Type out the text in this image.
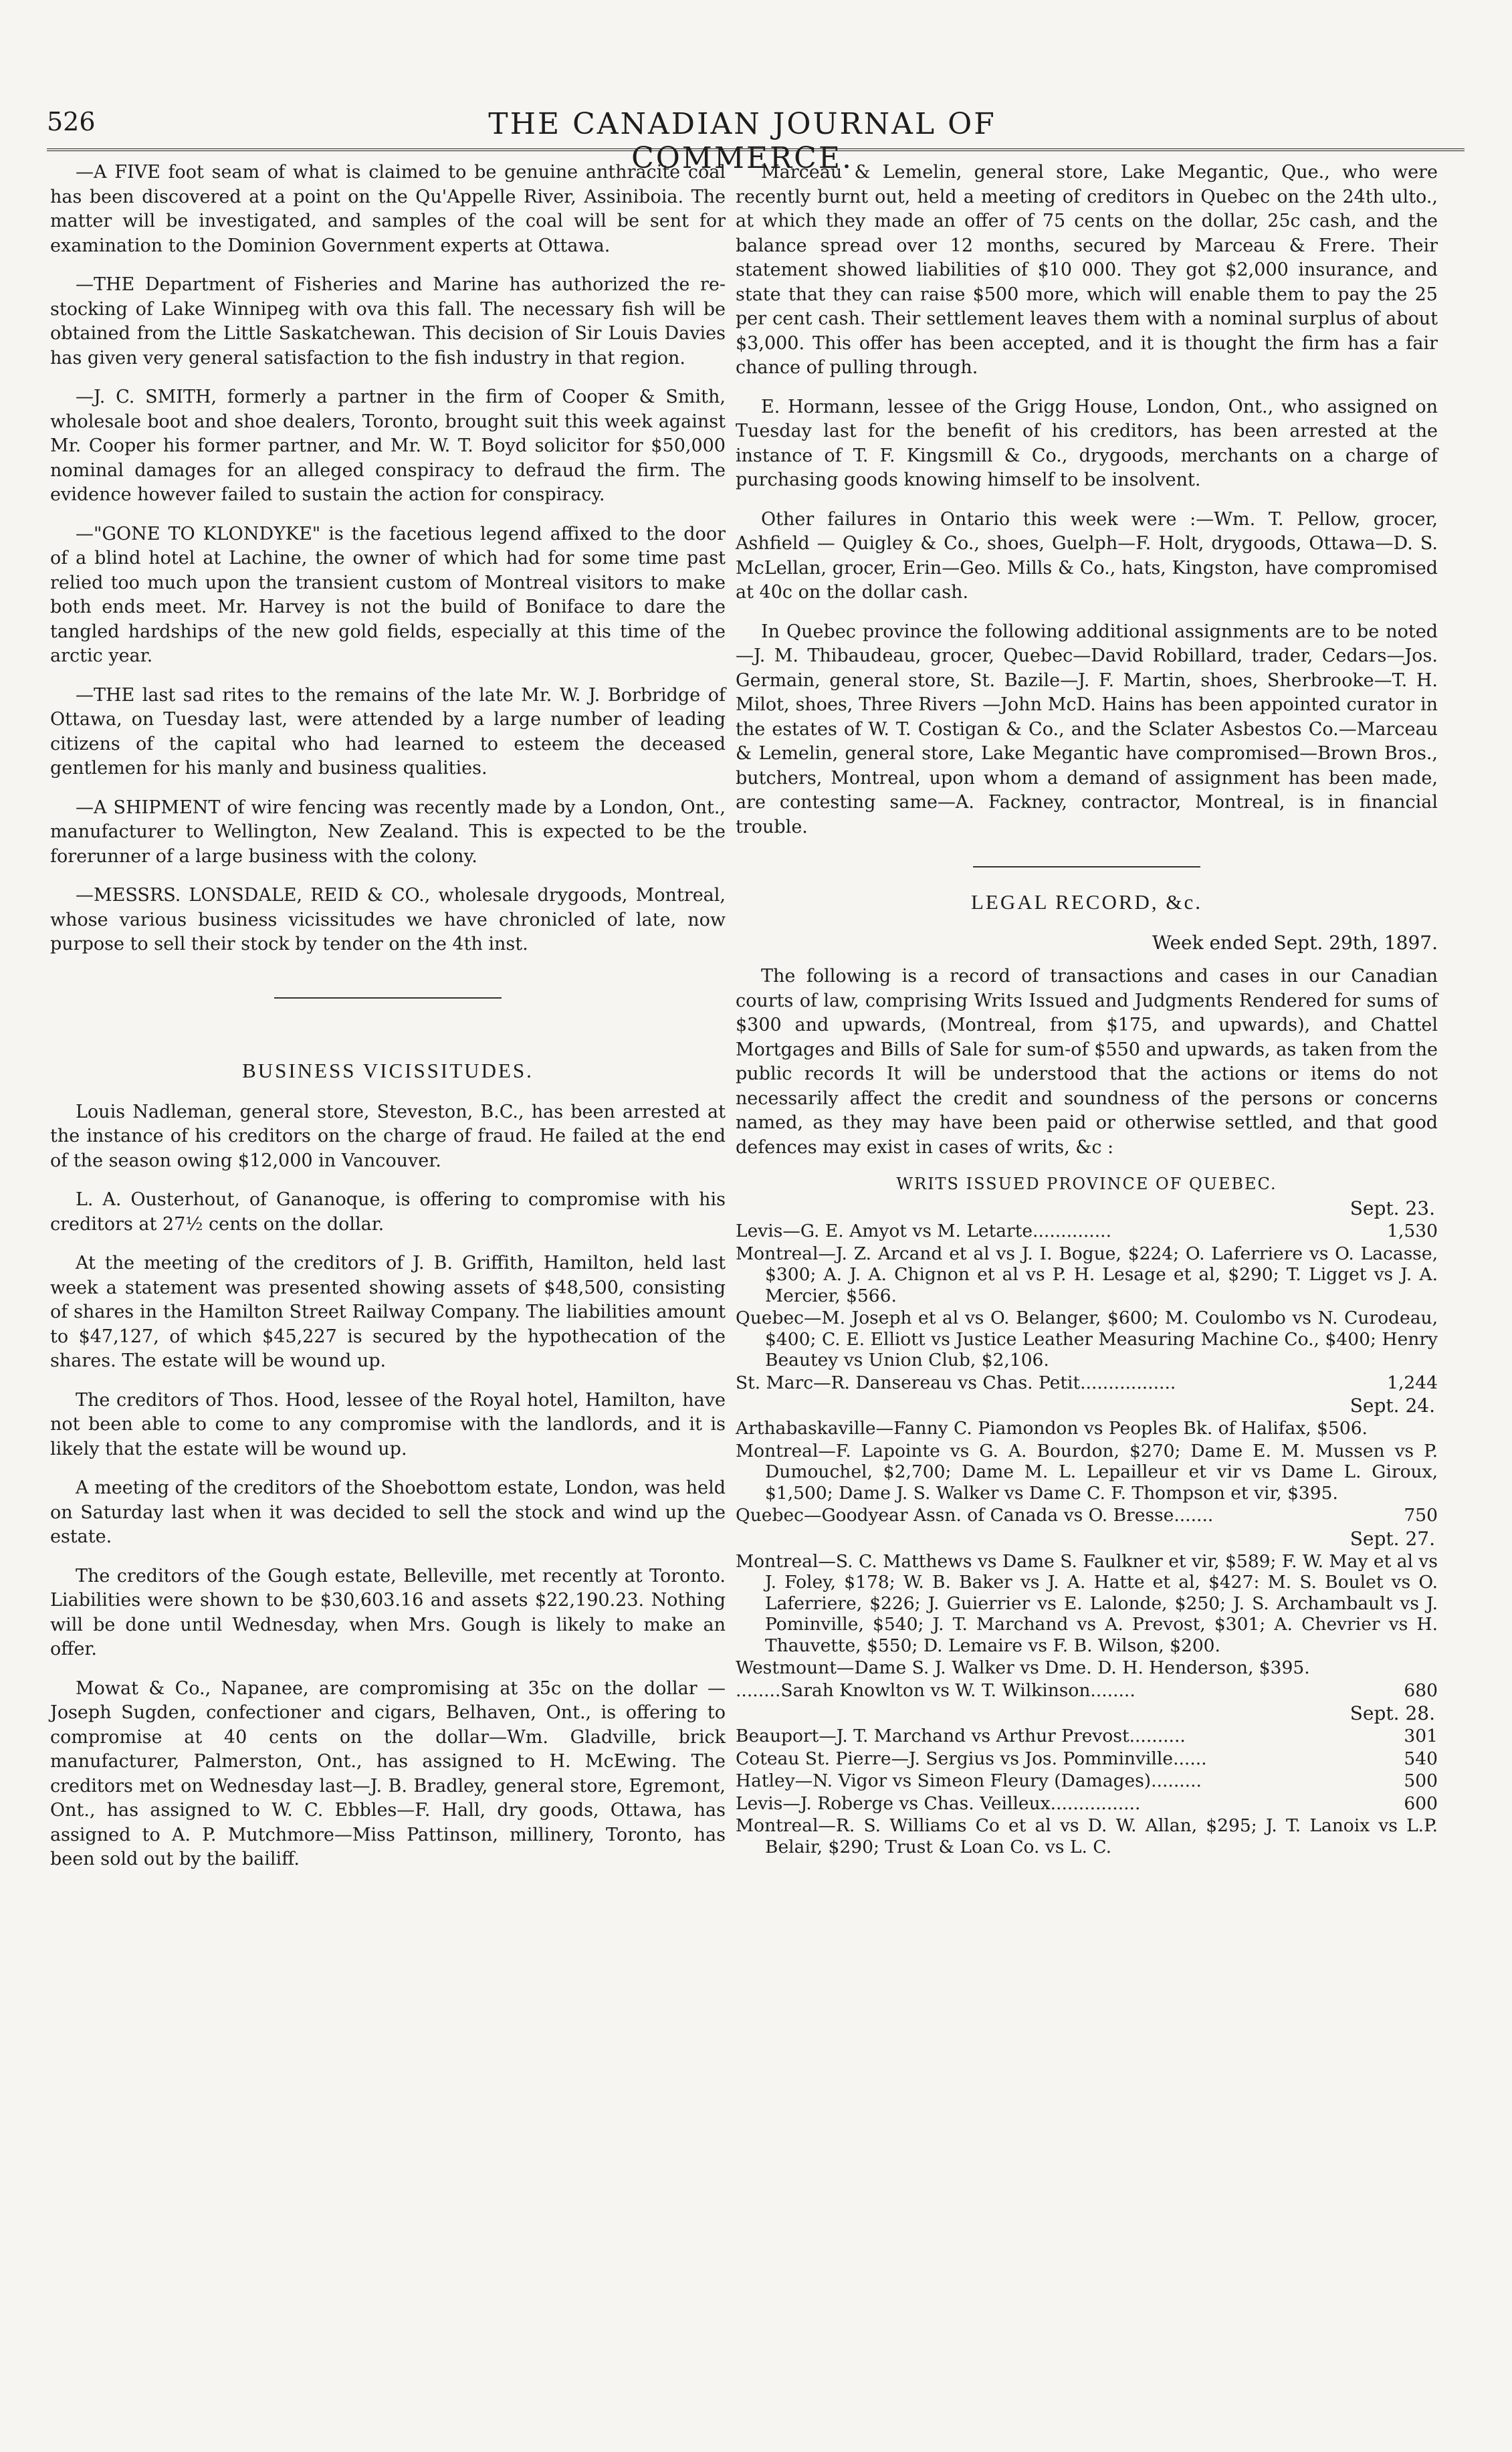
526	THE CANADIAN JOURNAL OF COMMERCE.

—A FIVE foot seam of what is claimed to be genuine anthracite coal has been discovered at a point on the Qu'Appelle River, Assiniboia. The matter will be investigated, and samples of the coal will be sent for examination to the Dominion Government experts at Ottawa.

—THE Department of Fisheries and Marine has authorized the re-stocking of Lake Winnipeg with ova this fall. The necessary fish will be obtained from the Little Saskatchewan. This decision of Sir Louis Davies has given very general satisfaction to the fish industry in that region.

—J. C. SMITH, formerly a partner in the firm of Cooper & Smith, wholesale boot and shoe dealers, Toronto, brought suit this week against Mr. Cooper his former partner, and Mr. W. T. Boyd solicitor for $50,000 nominal damages for an alleged conspiracy to defraud the firm. The evidence however failed to sustain the action for conspiracy.

—"GONE TO KLONDYKE" is the facetious legend affixed to the door of a blind hotel at Lachine, the owner of which had for some time past relied too much upon the transient custom of Montreal visitors to make both ends meet. Mr. Harvey is not the build of Boniface to dare the tangled hardships of the new gold fields, especially at this time of the arctic year.

—THE last sad rites to the remains of the late Mr. W. J. Borbridge of Ottawa, on Tuesday last, were attended by a large number of leading citizens of the capital who had learned to esteem the deceased gentlemen for his manly and business qualities.

—A SHIPMENT of wire fencing was recently made by a London, Ont., manufacturer to Wellington, New Zealand. This is expected to be the forerunner of a large business with the colony.

—MESSRS. LONSDALE, REID & CO., wholesale drygoods, Montreal, whose various business vicissitudes we have chronicled of late, now purpose to sell their stock by tender on the 4th inst.

BUSINESS VICISSITUDES.

Louis Nadleman, general store, Steveston, B.C., has been arrested at the instance of his creditors on the charge of fraud. He failed at the end of the season owing $12,000 in Vancouver.

L. A. Ousterhout, of Gananoque, is offering to compromise with his creditors at 27½ cents on the dollar.

At the meeting of the creditors of J. B. Griffith, Hamilton, held last week a statement was presented showing assets of $48,500, consisting of shares in the Hamilton Street Railway Company. The liabilities amount to $47,127, of which $45,227 is secured by the hypothecation of the shares. The estate will be wound up.

The creditors of Thos. Hood, lessee of the Royal hotel, Hamilton, have not been able to come to any compromise with the landlords, and it is likely that the estate will be wound up.

A meeting of the creditors of the Shoebottom estate, London, was held on Saturday last when it was decided to sell the stock and wind up the estate.

The creditors of the Gough estate, Belleville, met recently at Toronto. Liabilities were shown to be $30,603.16 and assets $22,190.23. Nothing will be done until Wednesday, when Mrs. Gough is likely to make an offer.

Mowat & Co., Napanee, are compromising at 35c on the dollar —Joseph Sugden, confectioner and cigars, Belhaven, Ont., is offering to compromise at 40 cents on the dollar—Wm. Gladville, brick manufacturer, Palmerston, Ont., has assigned to H. McEwing. The creditors met on Wednesday last—J. B. Bradley, general store, Egremont, Ont., has assigned to W. C. Ebbles—F. Hall, dry goods, Ottawa, has assigned to A. P. Mutchmore—Miss Pattinson, millinery, Toronto, has been sold out by the bailiff.

Marceau & Lemelin, general store, Lake Megantic, Que., who were recently burnt out, held a meeting of creditors in Quebec on the 24th ulto., at which they made an offer of 75 cents on the dollar, 25c cash, and the balance spread over 12 months, secured by Marceau & Frere. Their statement showed liabilities of $10 000. They got $2,000 insurance, and state that they can raise $500 more, which will enable them to pay the 25 per cent cash. Their settlement leaves them with a nominal surplus of about $3,000. This offer has been accepted, and it is thought the firm has a fair chance of pulling through.

E. Hormann, lessee of the Grigg House, London, Ont., who assigned on Tuesday last for the benefit of his creditors, has been arrested at the instance of T. F. Kingsmill & Co., drygoods, merchants on a charge of purchasing goods knowing himself to be insolvent.

Other failures in Ontario this week were :—Wm. T. Pellow, grocer, Ashfield — Quigley & Co., shoes, Guelph—F. Holt, drygoods, Ottawa—D. S. McLellan, grocer, Erin—Geo. Mills & Co., hats, Kingston, have compromised at 40c on the dollar cash.

In Quebec province the following additional assignments are to be noted—J. M. Thibaudeau, grocer, Quebec—David Robillard, trader, Cedars—Jos. Germain, general store, St. Bazile—J. F. Martin, shoes, Sherbrooke—T. H. Milot, shoes, Three Rivers —John McD. Hains has been appointed curator in the estates of W. T. Costigan & Co., and the Sclater Asbestos Co.—Marceau & Lemelin, general store, Lake Megantic have compromised—Brown Bros., butchers, Montreal, upon whom a demand of assignment has been made, are contesting same—A. Fackney, contractor, Montreal, is in financial trouble.

LEGAL RECORD, &c.
Week ended Sept. 29th, 1897.

The following is a record of transactions and cases in our Canadian courts of law, comprising Writs Issued and Judgments Rendered for sums of $300 and upwards, (Montreal, from $175, and upwards), and Chattel Mortgages and Bills of Sale for sum-of $550 and upwards, as taken from the public records It will be understood that the actions or items do not necessarily affect the credit and soundness of the persons or concerns named, as they may have been paid or otherwise settled, and that good defences may exist in cases of writs, &c :

WRITS ISSUED PROVINCE OF QUEBEC.
Sept. 23.
1,530
Levis—G. E. Amyot vs M. Letarte..............
Montreal—J. Z. Arcand et al vs J. I. Bogue, $224; O. Laferriere vs O. Lacasse, $300; A. J. A. Chignon et al vs P. H. Lesage et al, $290; T. Ligget vs J. A. Mercier, $566.
Quebec—M. Joseph et al vs O. Belanger, $600; M. Coulombo vs N. Curodeau, $400; C. E. Elliott vs Justice Leather Measuring Machine Co., $400; Henry Beautey vs Union Club, $2,106.
1,244
St. Marc—R. Dansereau vs Chas. Petit.................
Sept. 24.
Arthabaskaville—Fanny C. Piamondon vs Peoples Bk. of Halifax, $506.
Montreal—F. Lapointe vs G. A. Bourdon, $270; Dame E. M. Mussen vs P. Dumouchel, $2,700; Dame M. L. Lepailleur et vir vs Dame L. Giroux, $1,500; Dame J. S. Walker vs Dame C. F. Thompson et vir, $395.
750
Quebec—Goodyear Assn. of Canada vs O. Bresse.......
Sept. 27.
Montreal—S. C. Matthews vs Dame S. Faulkner et vir, $589; F. W. May et al vs J. Foley, $178; W. B. Baker vs J. A. Hatte et al, $427: M. S. Boulet vs O. Laferriere, $226; J. Guierrier vs E. Lalonde, $250; J. S. Archambault vs J. Pominville, $540; J. T. Marchand vs A. Prevost, $301; A. Chevrier vs H. Thauvette, $550; D. Lemaire vs F. B. Wilson, $200.
Westmount—Dame S. J. Walker vs Dme. D. H. Henderson, $395.
680
........Sarah Knowlton vs W. T. Wilkinson........
Sept. 28.
301
Beauport—J. T. Marchand vs Arthur Prevost..........
540
Coteau St. Pierre—J. Sergius vs Jos. Pomminville......
500
Hatley—N. Vigor vs Simeon Fleury (Damages).........
600
Levis—J. Roberge vs Chas. Veilleux................
Montreal—R. S. Williams Co et al vs D. W. Allan, $295; J. T. Lanoix vs L.P. Belair, $290; Trust & Loan Co. vs L. C.
